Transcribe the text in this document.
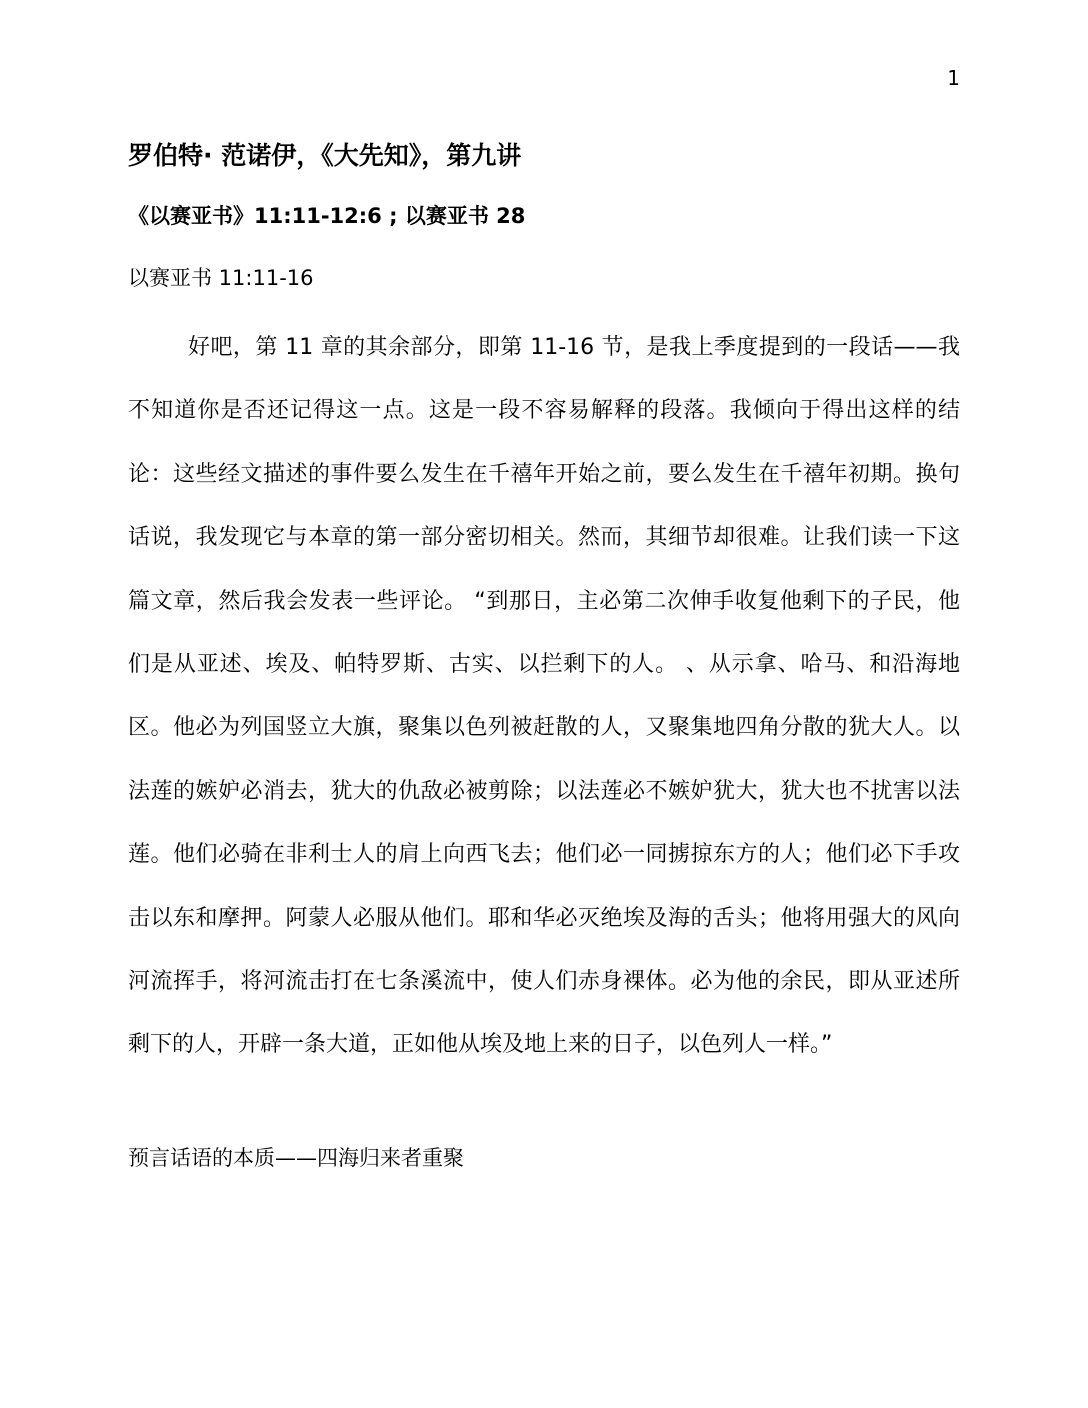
1
罗伯特· 范诺伊，《大先知》，第九讲
《以赛亚书》11:11-12:6 ; 以赛亚书 28
以赛亚书 11:11-16

好吧，第 11 章的其余部分，即第 11-16 节，是我上季度提到的一段话——我不知道你是否还记得这一点。这是一段不容易解释的段落。我倾向于得出这样的结论：这些经文描述的事件要么发生在千禧年开始之前，要么发生在千禧年初期。换句话说，我发现它与本章的第一部分密切相关。然而，其细节却很难。让我们读一下这篇文章，然后我会发表一些评论。 “到那日，主必第二次伸手收复他剩下的子民，他们是从亚述、埃及、帕特罗斯、古实、以拦剩下的人。 、从示拿、哈马、和沿海地区。他必为列国竖立大旗，聚集以色列被赶散的人，又聚集地四角分散的犹大人。以法莲的嫉妒必消去，犹大的仇敌必被剪除；以法莲必不嫉妒犹大，犹大也不扰害以法莲。他们必骑在非利士人的肩上向西飞去；他们必一同掳掠东方的人；他们必下手攻击以东和摩押。阿蒙人必服从他们。耶和华必灭绝埃及海的舌头；他将用强大的风向河流挥手，将河流击打在七条溪流中，使人们赤身裸体。必为他的余民，即从亚述所剩下的人，开辟一条大道，正如他从埃及地上来的日子，以色列人一样。”

预言话语的本质——四海归来者重聚
